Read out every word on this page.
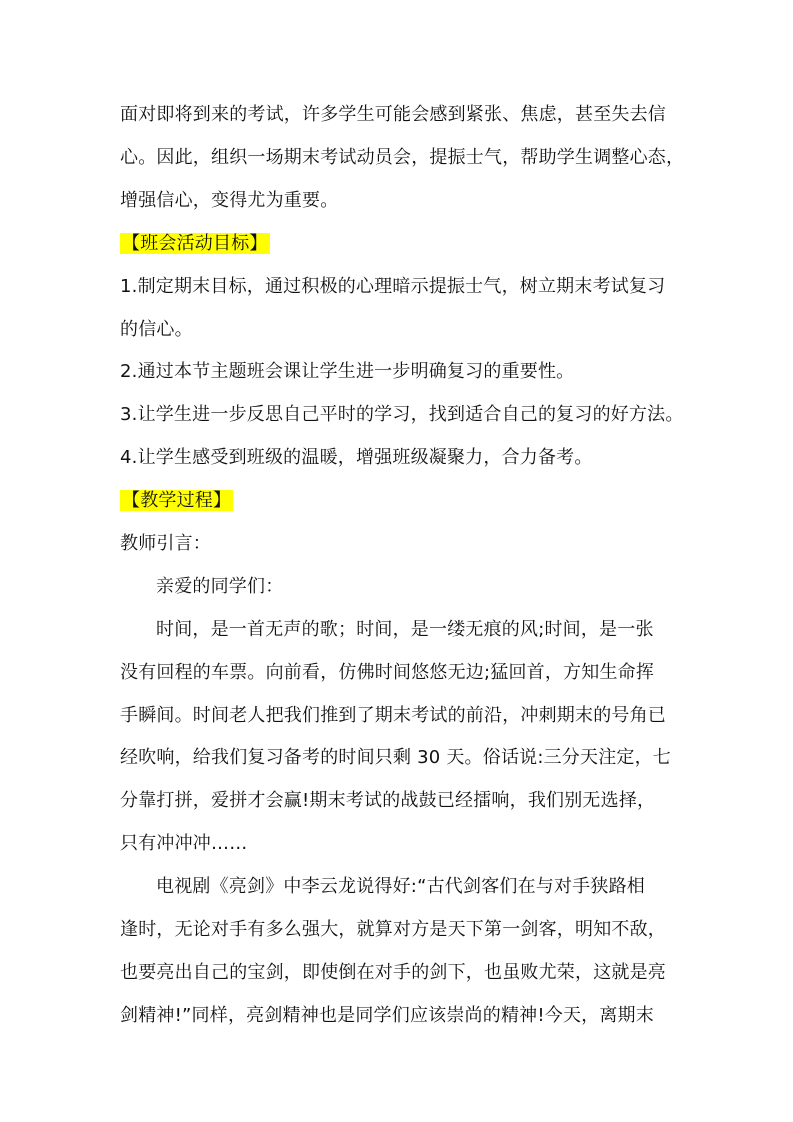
面对即将到来的考试，许多学生可能会感到紧张、焦虑，甚至失去信
心。因此，组织一场期末考试动员会，提振士气，帮助学生调整心态，
增强信心，变得尤为重要。
【班会活动目标】
1.制定期末目标，通过积极的心理暗示提振士气，树立期末考试复习
的信心。
2.通过本节主题班会课让学生进一步明确复习的重要性。
3.让学生进一步反思自己平时的学习，找到适合自己的复习的好方法。
4.让学生感受到班级的温暖，增强班级凝聚力，合力备考。
【教学过程】
教师引言：
亲爱的同学们：
时间，是一首无声的歌；时间，是一缕无痕的风;时间，是一张
没有回程的车票。向前看，仿佛时间悠悠无边;猛回首，方知生命挥
手瞬间。时间老人把我们推到了期末考试的前沿，冲刺期末的号角已
经吹响，给我们复习备考的时间只剩 30 天。俗话说:三分天注定，七
分靠打拼，爱拼才会赢!期末考试的战鼓已经擂响，我们别无选择，
只有冲冲冲……
电视剧《亮剑》中李云龙说得好:“古代剑客们在与对手狭路相
逢时，无论对手有多么强大，就算对方是天下第一剑客，明知不敌，
也要亮出自己的宝剑，即使倒在对手的剑下，也虽败尤荣，这就是亮
剑精神!”同样，亮剑精神也是同学们应该崇尚的精神!今天，离期末
